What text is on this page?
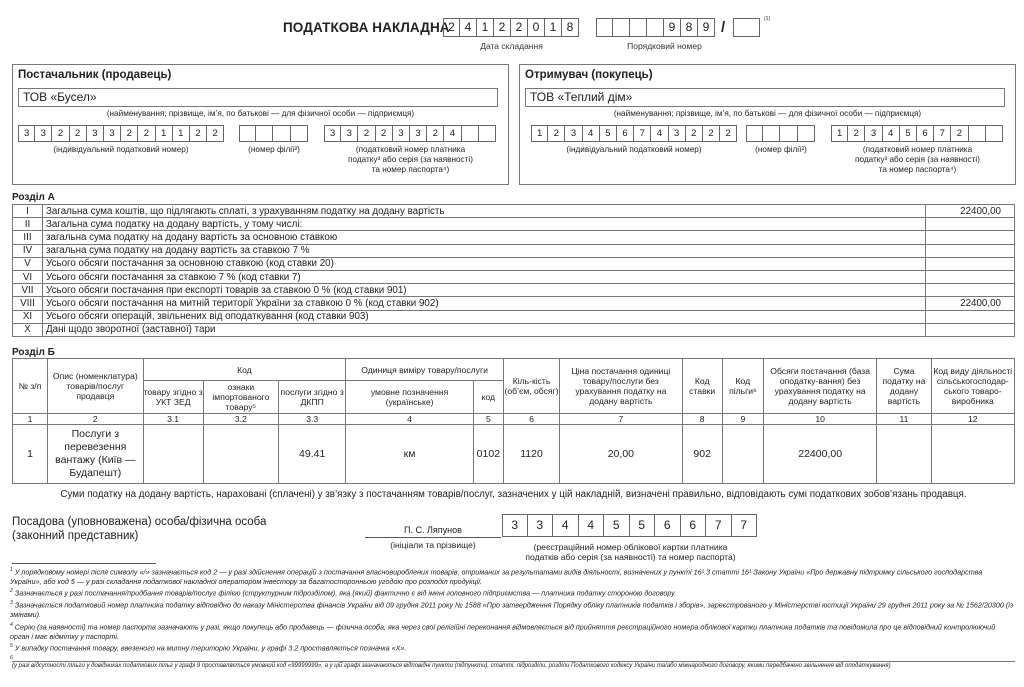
ПОДАТКОВА НАКЛАДНА
2 4 1 2 2 0 1 8
Дата складання
9 8 9 /	(1)
Порядковий номер
Постачальник (продавець)
ТОВ «Бусел»
(найменування; прізвище, ім’я, по батькові — для фізичної особи — підприємця)
3	3	2	2	3	3	2	2	1	1	2	2
(індивідуальний податковий номер)	(номер філії²)
3	3	2	2	3	3	2	4
(податковий номер платника
податку³ або серія (за наявності)
та номер паспорта⁴)
Отримувач (покупець)
ТОВ «Теплий дім»
(найменування; прізвище, ім’я, по батькові — для фізичної особи — підприємця)
1	2	3	4	5	6	7	4	3	2	2	2
(індивідуальний податковий номер)	(номер філії²)
1	2	3	4	5	6	7	2
(податковий номер платника
податку³ або серія (за наявності)
та номер паспорта⁴)
Розділ А
I	Загальна сума коштів, що підлягають сплаті, з урахуванням податку на додану вартість	22400,00
II	Загальна сума податку на додану вартість, у тому числі:	
III	загальна сума податку на додану вартість за основною ставкою	
IV	загальна сума податку на додану вартість за ставкою 7 %	
V	Усього обсяги постачання за основною ставкою (код ставки 20)	
VI	Усього обсяги постачання за ставкою 7 % (код ставки 7)	
VII	Усього обсяги постачання при експорті товарів за ставкою 0 % (код ставки 901)	
VIII	Усього обсяги постачання на митній території України за ставкою 0 % (код ставки 902)	22400,00
XI	Усього обсяги операцій, звільнених від оподаткування (код ставки 903)	
X	Дані щодо зворотної (заставної) тари	
Розділ Б
№ з/п	Опис (номенклатура) товарів/послуг продавця	Код			Одиниця виміру товару/послуги		Кіль-кість (об’єм, обсяг)	Ціна постачання одиниці товару/послуги без урахування податку на додану вартість	Код ставки	Код пільги⁶	Обсяги постачання (база оподатку-вання) без урахування податку на додану вартість	Сума податку на додану вартість	Код виду діяльності сільськогосподар-ського товаро-виробника
		товару згідно з УКТ ЗЕД	ознаки імпортованого товару⁵	послуги згідно з ДКПП	умовне позначення (українське)	код							
1	2	3.1	3.2	3.3	4	5	6	7	8	9	10	11	12
1	Послуги з перевезення вантажу (Київ — Будапешт)			49.41	км	0102	1120	20,00	902		22400,00		
Суми податку на додану вартість, нараховані (сплачені) у зв’язку з постачанням товарів/послуг, зазначених у цій накладній, визначені правильно, відповідають сумі податкових зобов’язань продавця.
Посадова (уповноважена) особа/фізична особа
(законний представник)	П. С. Ляпунов
(ініціали та прізвище)
3	3	4	4	5	5	6	6	7	7
(реєстраційний номер облікової картки платника
податків або серія (за наявності) та номер паспорта)

$^1$ У порядковому номері після символу «/» зазначається код 2 — у разі здійснення операцій з постачання власновироблених товарів, отриманих за результатами видів діяльності, визначених у пункті 16¹.3 статті 16¹ Закону України «Про державну підтримку сільського господарства України», або код 5 — у разі складання податкової накладної оператором інвестору за багатосторонньою угодою про розподіл продукції.

$^2$ Зазначається у разі постачання/придбання товарів/послуг філією (структурним підрозділом), яка (який) фактично є від імені головного підприємства — платника податку стороною договору.

$^3$ Зазначається податковий номер платника податку відповідно до наказу Міністерства фінансів України від 09 грудня 2011 року № 1588 «Про затвердження Порядку обліку платників податків і зборів», зареєстрованого у Міністерстві юстиції України 29 грудня 2011 року за № 1562/20300 (із змінами).

$^4$ Серію (за наявності) та номер паспорта зазначають у разі, якщо покупець або продавець — фізична особа, яка через свої релігійні переконання відмовляється від прийняття реєстраційного номера облікової картки платника податків та повідомила про це відповідний контролюючий орган і має відмітку у паспорті.

$^5$ У випадку постачання товару, ввезеного на митну територію України, у графі 3.2 проставляється позначка «Х».

$^6$

(у разі відсутності пільги у довідниках податкових пільг у графі 9 проставляється умовний код «99999999», а у цій графі зазначаються відповідні пункти (підпункти), статті, підрозділи, розділи Податкового кодексу України та/або міжнародного договору, якими передбачено звільнення від оподаткування)
